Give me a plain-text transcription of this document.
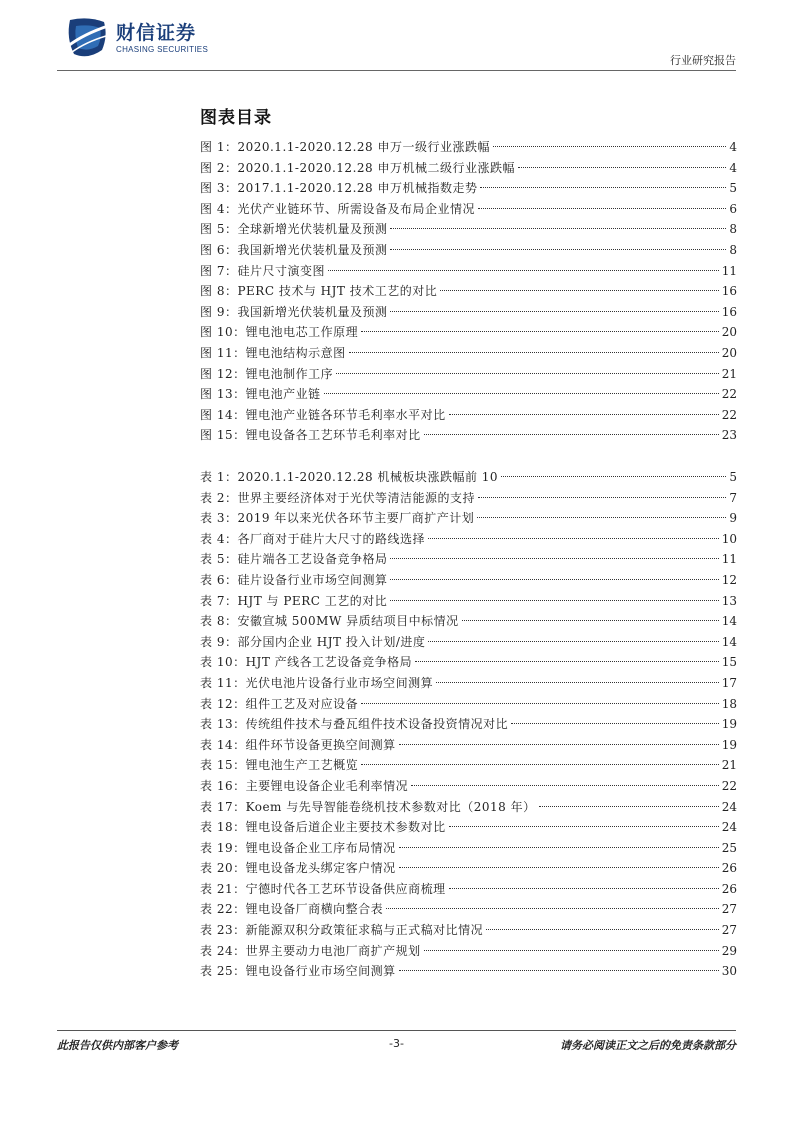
财信证券
CHASING SECURITIES
行业研究报告
图表目录
图 1：2020.1.1-2020.12.28 申万一级行业涨跌幅	4
图 2：2020.1.1-2020.12.28 申万机械二级行业涨跌幅	4
图 3：2017.1.1-2020.12.28 申万机械指数走势	5
图 4：光伏产业链环节、所需设备及布局企业情况	6
图 5：全球新增光伏装机量及预测	8
图 6：我国新增光伏装机量及预测	8
图 7：硅片尺寸演变图	11
图 8：PERC 技术与 HJT 技术工艺的对比	16
图 9：我国新增光伏装机量及预测	16
图 10：锂电池电芯工作原理	20
图 11：锂电池结构示意图	20
图 12：锂电池制作工序	21
图 13：锂电池产业链	22
图 14：锂电池产业链各环节毛利率水平对比	22
图 15：锂电设备各工艺环节毛利率对比	23
表 1：2020.1.1-2020.12.28 机械板块涨跌幅前 10	5
表 2：世界主要经济体对于光伏等清洁能源的支持	7
表 3：2019 年以来光伏各环节主要厂商扩产计划	9
表 4：各厂商对于硅片大尺寸的路线选择	10
表 5：硅片端各工艺设备竞争格局	11
表 6：硅片设备行业市场空间测算	12
表 7：HJT 与 PERC 工艺的对比	13
表 8：安徽宣城 500MW 异质结项目中标情况	14
表 9：部分国内企业 HJT 投入计划/进度	14
表 10：HJT 产线各工艺设备竞争格局	15
表 11：光伏电池片设备行业市场空间测算	17
表 12：组件工艺及对应设备	18
表 13：传统组件技术与叠瓦组件技术设备投资情况对比	19
表 14：组件环节设备更换空间测算	19
表 15：锂电池生产工艺概览	21
表 16：主要锂电设备企业毛利率情况	22
表 17：Koem 与先导智能卷绕机技术参数对比（2018 年）	24
表 18：锂电设备后道企业主要技术参数对比	24
表 19：锂电设备企业工序布局情况	25
表 20：锂电设备龙头绑定客户情况	26
表 21：宁德时代各工艺环节设备供应商梳理	26
表 22：锂电设备厂商横向整合表	27
表 23：新能源双积分政策征求稿与正式稿对比情况	27
表 24：世界主要动力电池厂商扩产规划	29
表 25：锂电设备行业市场空间测算	30
此报告仅供内部客户参考	-3-	请务必阅读正文之后的免责条款部分
